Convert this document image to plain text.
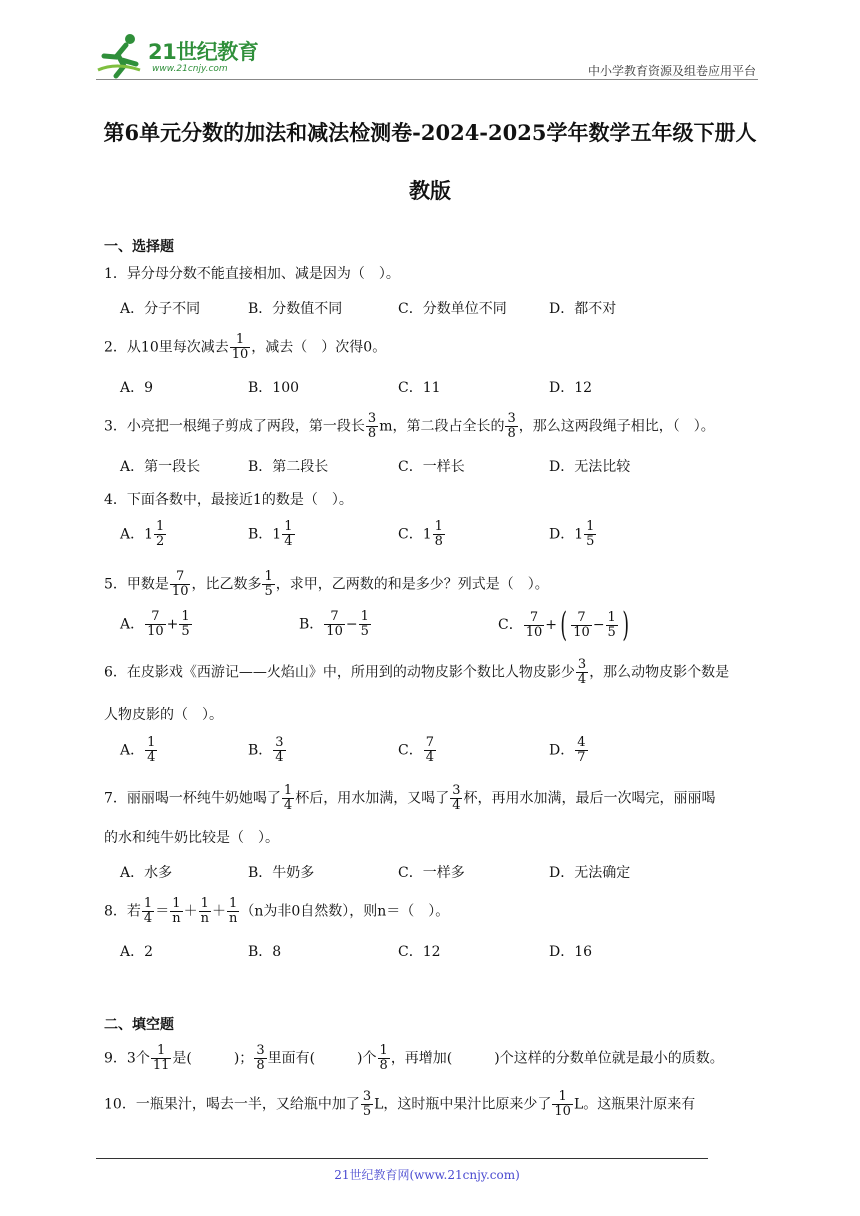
21世纪教育
www.21cnjy.com	中小学教育资源及组卷应用平台
第6单元分数的加法和减法检测卷-2024-2025学年数学五年级下册人教版
一、选择题
1．异分母分数不能直接相加、减是因为（　）。
A．分子不同	B．分数值不同	C．分数单位不同	D．都不对
2．从10里每次减去 $\frac{1}{10}$ ，减去（　）次得0。
A．9	B．100	C．11	D．12
3．小亮把一根绳子剪成了两段，第一段长 $\frac{3}{8}$ m，第二段占全长的 $\frac{3}{8}$ ，那么这两段绳子相比，（　）。
A．第一段长	B．第二段长	C．一样长	D．无法比较
4．下面各数中，最接近1的数是（　）。
A．$1 \frac{1}{2}$	B．$1 \frac{1}{4}$	C．$1 \frac{1}{8}$	D．$1 \frac{1}{5}$
5．甲数是 $\frac{7}{10}$ ，比乙数多 $\frac{1}{5}$ ，求甲，乙两数的和是多少？列式是（　）。
A． $\frac{7}{10} + \frac{1}{5}$	B． $\frac{7}{10} - \frac{1}{5}$	C． $\frac{7}{10}$ +( $\frac{7}{10} - \frac{1}{5}$ )
6．在皮影戏《西游记——火焰山》中，所用到的动物皮影个数比人物皮影少 $\frac{3}{4}$ ，那么动物皮影个数是
人物皮影的（　）。
A． $\frac{1}{4}$	B． $\frac{3}{4}$	C． $\frac{7}{4}$	D． $\frac{4}{7}$
7．丽丽喝一杯纯牛奶她喝了 $\frac{1}{4}$ 杯后，用水加满，又喝了 $\frac{3}{4}$ 杯，再用水加满，最后一次喝完，丽丽喝
的水和纯牛奶比较是（　）。
A．水多	B．牛奶多	C．一样多	D．无法确定
8．若 $\frac{1}{4} = \frac{1}{n} + \frac{1}{n} + \frac{1}{n} (n$为非0自然数），则n＝（　）。
A．2	B．8	C．12	D．16
二、填空题
9．3个 $\frac{1}{11}$ 是(　　　)； $\frac{3}{8}$ 里面有(　　　)个 $\frac{1}{8}$ ，再增加(　　　)个这样的分数单位就是最小的质数。
10．一瓶果汁，喝去一半，又给瓶中加了 $\frac{3}{5}$ L，这时瓶中果汁比原来少了 $\frac{1}{10}$ L。这瓶果汁原来有
21世纪教育网(www.21cnjy.com)
